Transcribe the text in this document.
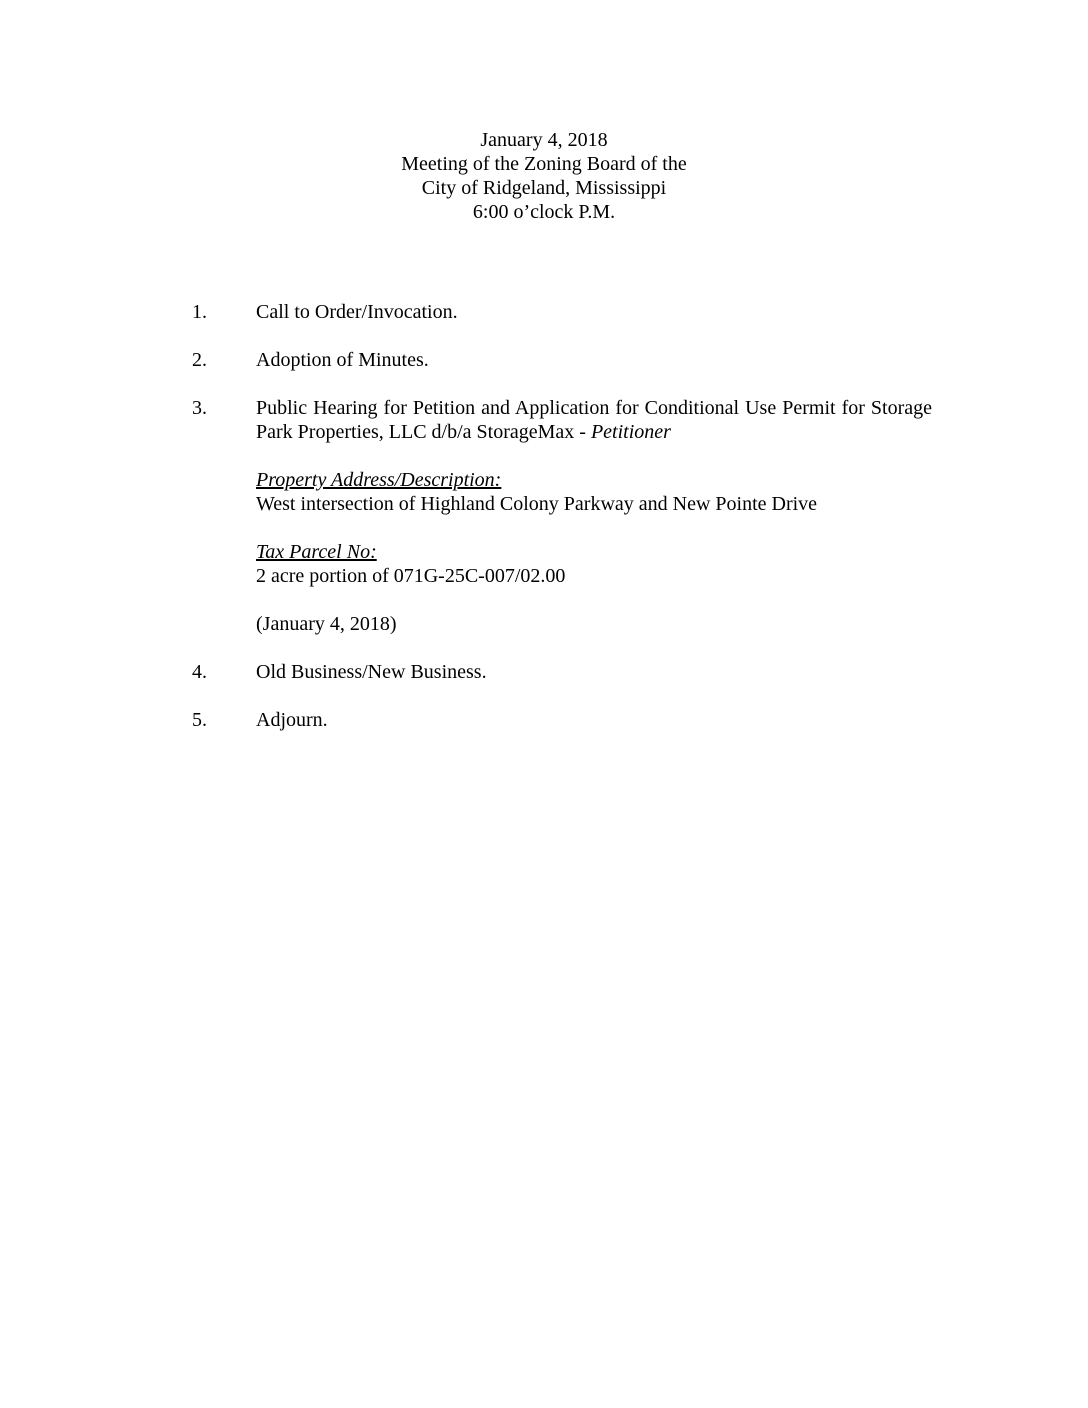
January 4, 2018
Meeting of the Zoning Board of the
City of Ridgeland, Mississippi
6:00 o’clock P.M.
1. Call to Order/Invocation.
2. Adoption of Minutes.
3. Public Hearing for Petition and Application for Conditional Use Permit for Storage Park Properties, LLC d/b/a StorageMax - Petitioner
Property Address/Description:
West intersection of Highland Colony Parkway and New Pointe Drive
Tax Parcel No:
2 acre portion of 071G-25C-007/02.00
(January 4, 2018)
4. Old Business/New Business.
5. Adjourn.
